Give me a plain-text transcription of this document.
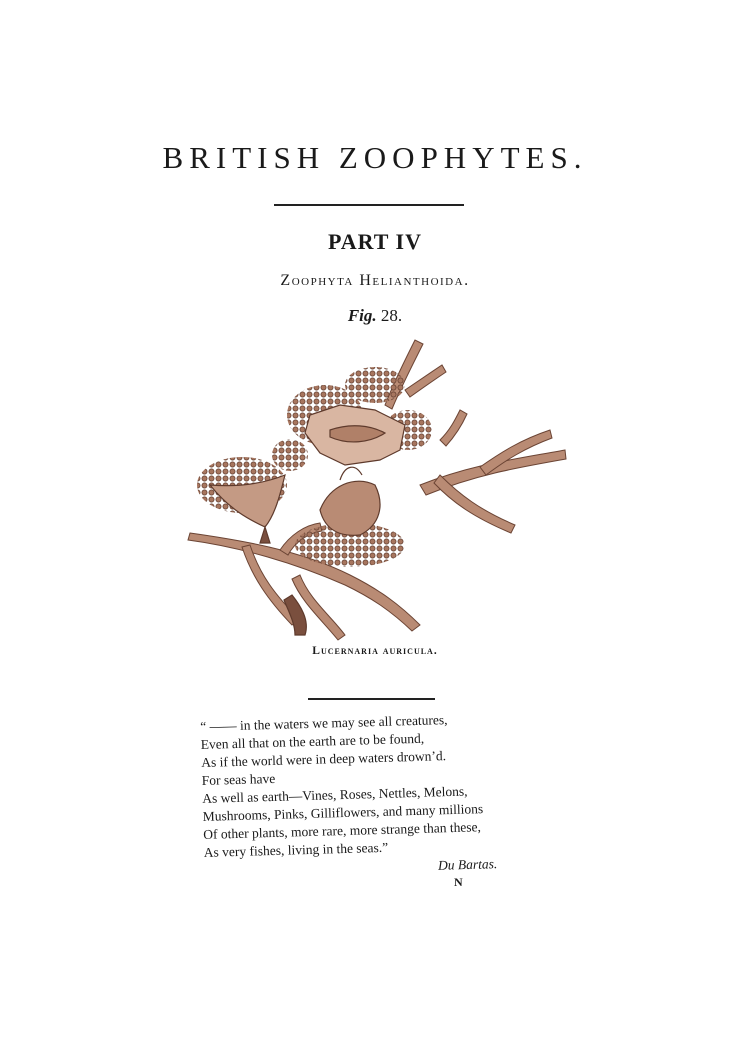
BRITISH ZOOPHYTES.
PART IV
Zoophyta Helianthoida.
Fig. 28.
Lucernaria auricula.
“ —— in the waters we may see all creatures,
Even all that on the earth are to be found,
As if the world were in deep waters drown’d.
For seas have
As well as earth—Vines, Roses, Nettles, Melons,
Mushrooms, Pinks, Gilliflowers, and many millions
Of other plants, more rare, more strange than these,
As very fishes, living in the seas.”
Du Bartas.
N
